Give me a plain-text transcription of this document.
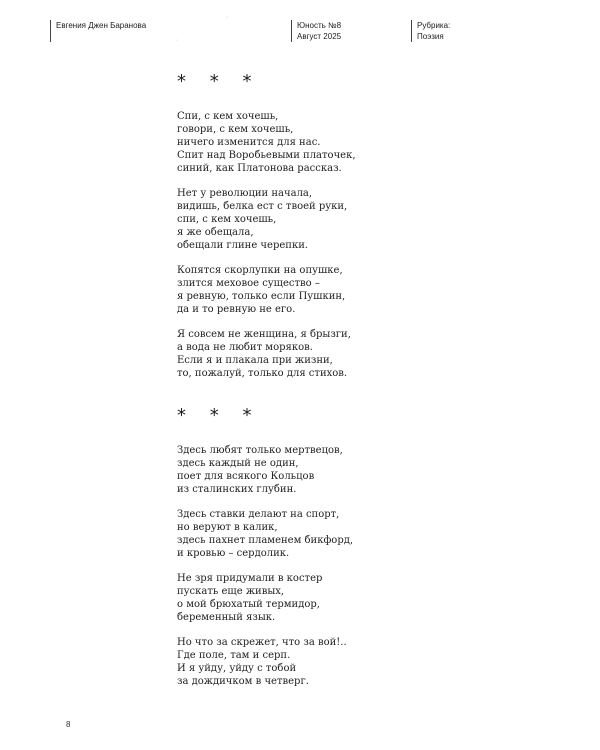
Евгения Джен Баранова	Юность №8
Август 2025
Рубрика:
Поэзия
·
·
* * *
Спи, с кем хочешь,
говори, с кем хочешь,
ничего изменится для нас.
Спит над Воробьевыми платочек,
синий, как Платонова рассказ.
Нет у революции начала,
видишь, белка ест с твоей руки,
спи, с кем хочешь,
я же обещала,
обещали глине черепки.
Копятся скорлупки на опушке,
злится меховое существо –
я ревную, только если Пушкин,
да и то ревную не его.
Я совсем не женщина, я брызги,
а вода не любит моряков.
Если я и плакала при жизни,
то, пожалуй, только для стихов.
* * *
Здесь любят только мертвецов,
здесь каждый не один,
поет для всякого Кольцов
из сталинских глубин.
Здесь ставки делают на спорт,
но веруют в калик,
здесь пахнет пламенем бикфорд,
и кровью – сердолик.
Не зря придумали в костер
пускать еще живых,
о мой брюхатый термидор,
беременный язык.
Но что за скрежет, что за вой!..
Где поле, там и серп.
И я уйду, уйду с тобой
за дождичком в четверг.
8
